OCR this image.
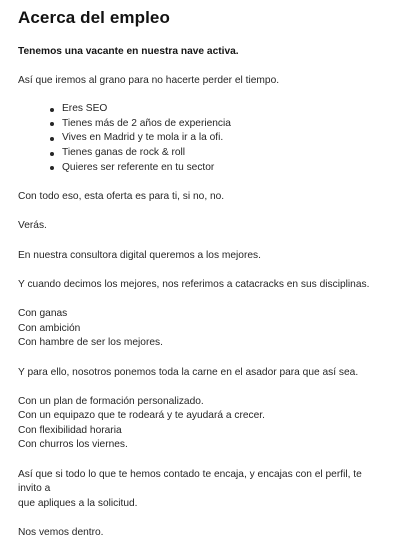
Acerca del empleo

Tenemos una vacante en nuestra nave activa.

Así que iremos al grano para no hacerte perder el tiempo.

Eres SEO
Tienes más de 2 años de experiencia
Vives en Madrid y te mola ir a la ofi.
Tienes ganas de rock & roll
Quieres ser referente en tu sector

Con todo eso, esta oferta es para ti, si no, no.

Verás.

En nuestra consultora digital queremos a los mejores.

Y cuando decimos los mejores, nos referimos a catacracks en sus disciplinas.

Con ganas
Con ambición
Con hambre de ser los mejores.

Y para ello, nosotros ponemos toda la carne en el asador para que así sea.

Con un plan de formación personalizado.
Con un equipazo que te rodeará y te ayudará a crecer.
Con flexibilidad horaria
Con churros los viernes.

Así que si todo lo que te hemos contado te encaja, y encajas con el perfil, te invito a
que apliques a la solicitud.

Nos vemos dentro.
